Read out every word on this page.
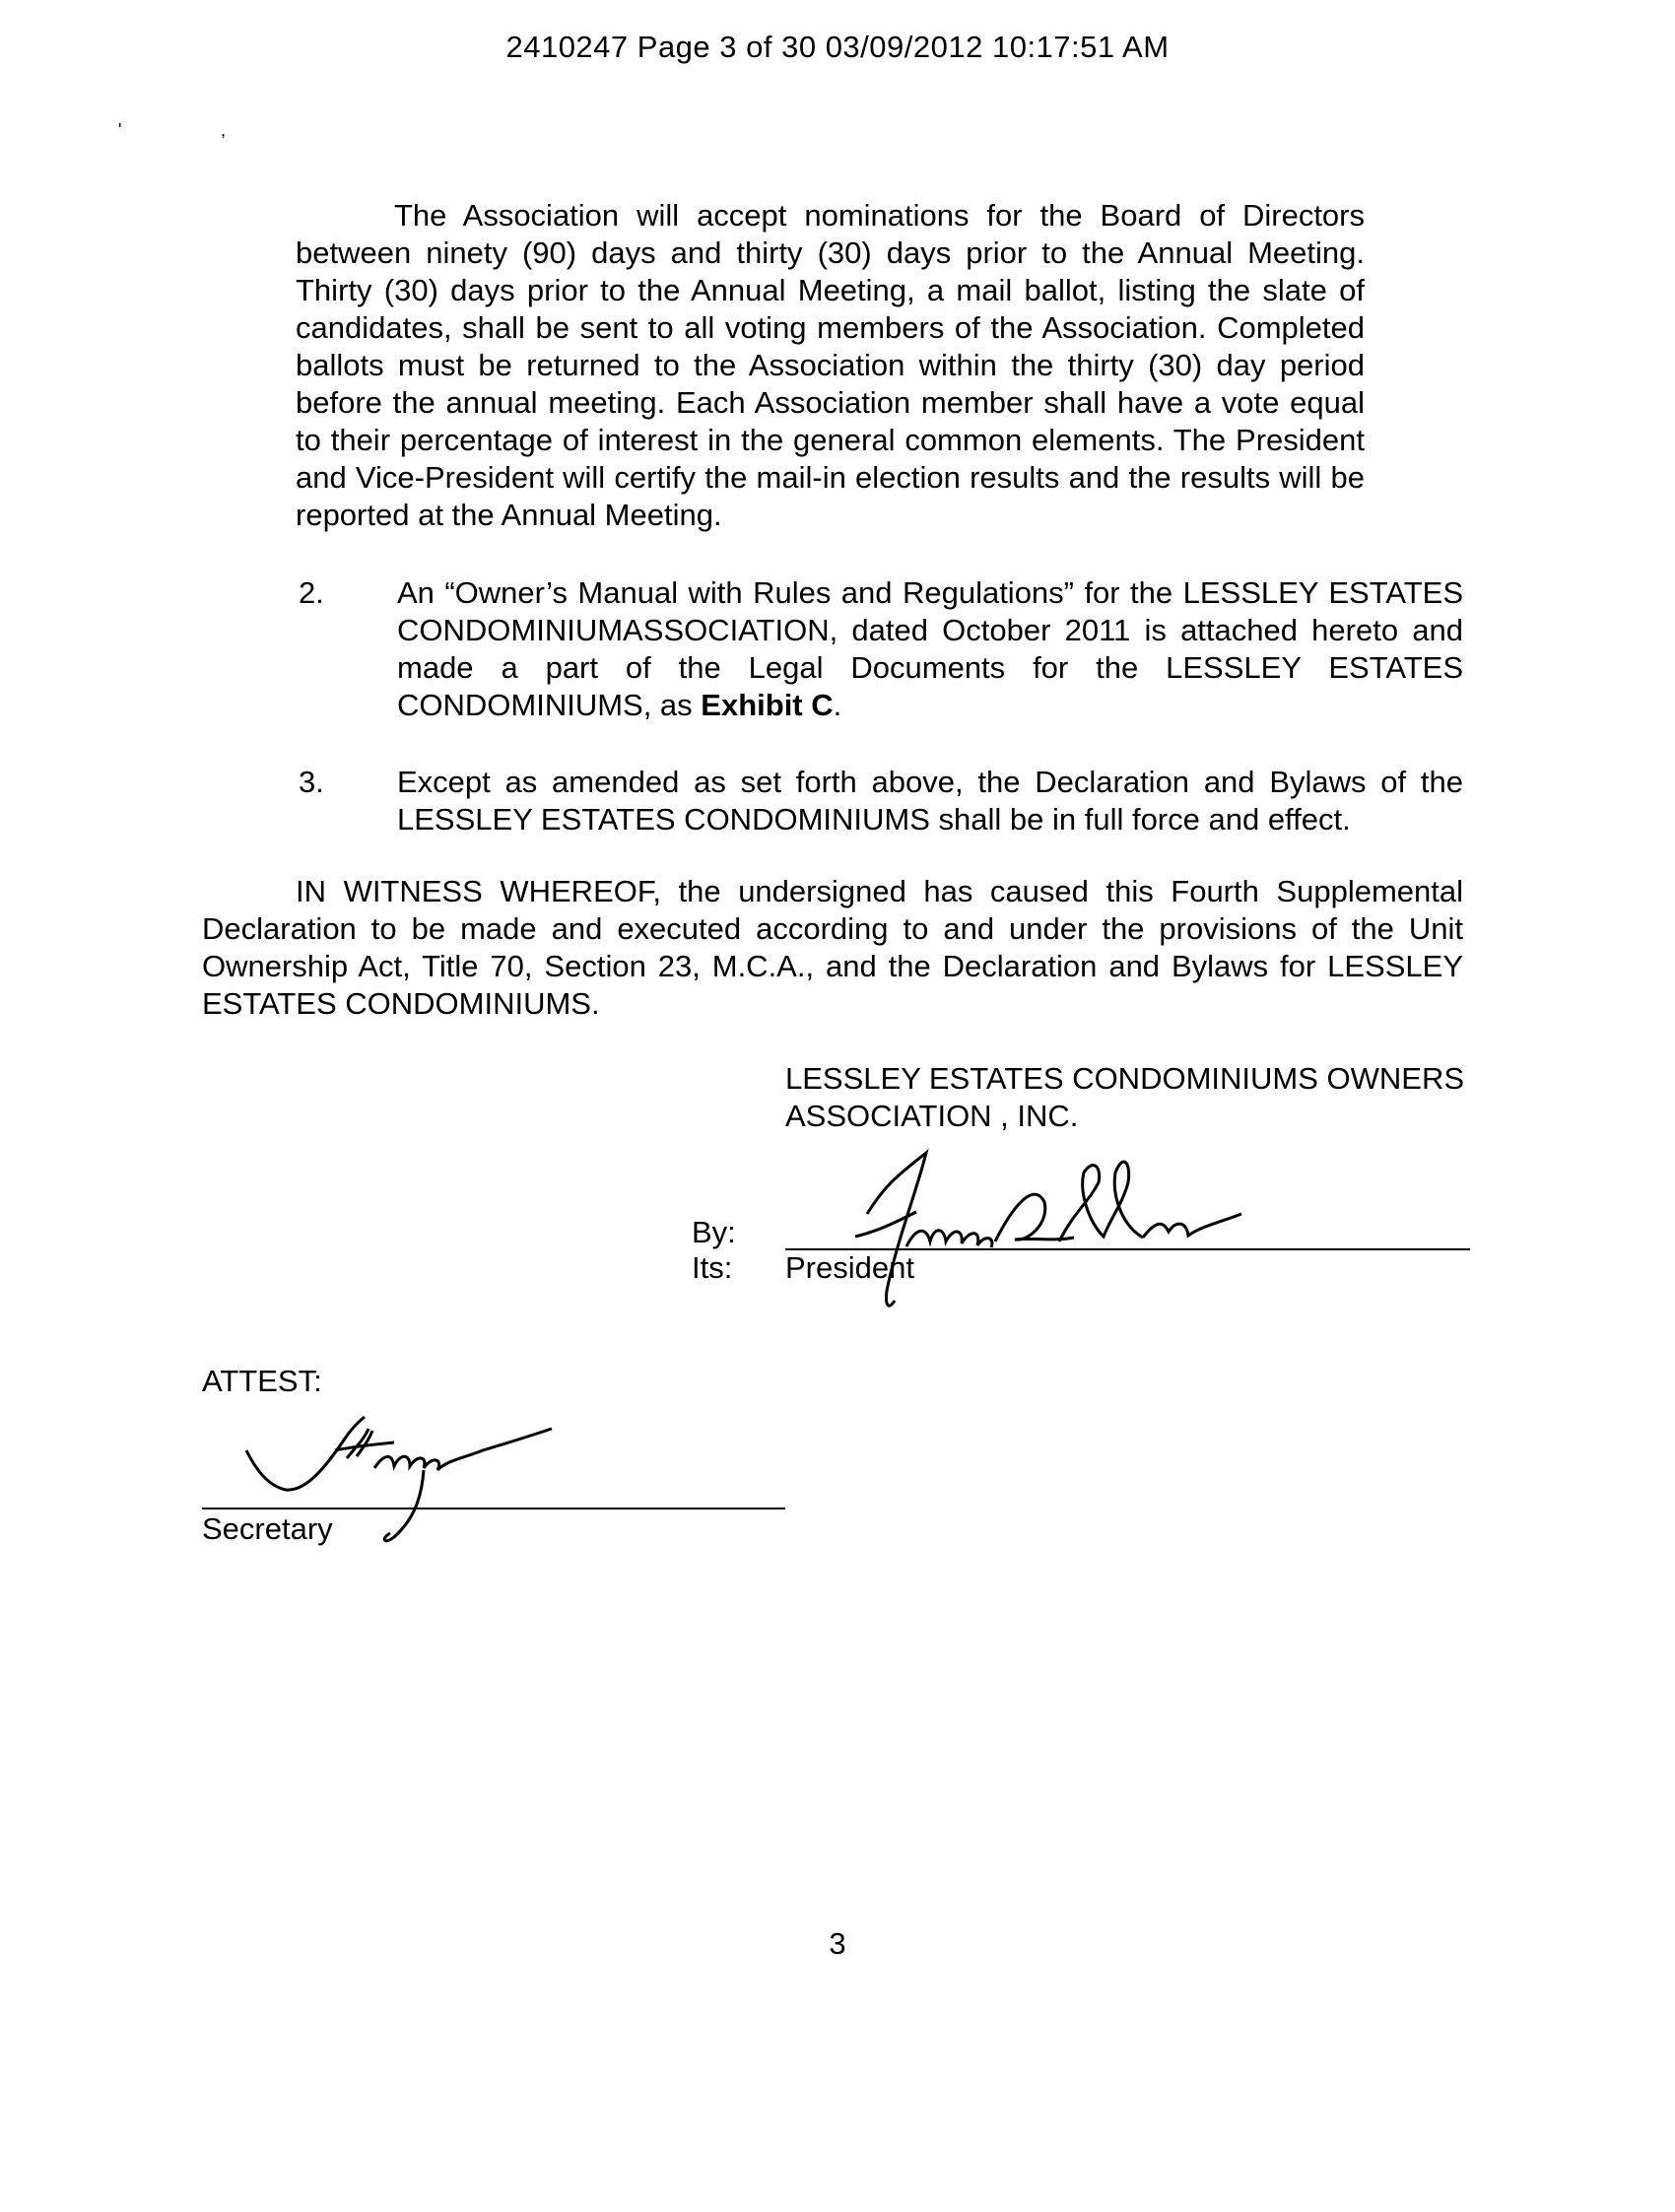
2410247 Page 3 of 30 03/09/2012 10:17:51 AM
'	,
The Association will accept nominations for the Board of Directors between ninety (90) days and thirty (30) days prior to the Annual Meeting. Thirty (30) days prior to the Annual Meeting, a mail ballot, listing the slate of candidates, shall be sent to all voting members of the Association. Completed ballots must be returned to the Association within the thirty (30) day period before the annual meeting. Each Association member shall have a vote equal to their percentage of interest in the general common elements. The President and Vice-President will certify the mail-in election results and the results will be reported at the Annual Meeting.
2. An “Owner’s Manual with Rules and Regulations” for the LESSLEY ESTATES CONDOMINIUMASSOCIATION, dated October 2011 is attached hereto and made a part of the Legal Documents for the LESSLEY ESTATES CONDOMINIUMS, as Exhibit C.
3. Except as amended as set forth above, the Declaration and Bylaws of the LESSLEY ESTATES CONDOMINIUMS shall be in full force and effect.
IN WITNESS WHEREOF, the undersigned has caused this Fourth Supplemental Declaration to be made and executed according to and under the provisions of the Unit Ownership Act, Title 70, Section 23, M.C.A., and the Declaration and Bylaws for LESSLEY ESTATES CONDOMINIUMS.
LESSLEY ESTATES CONDOMINIUMS OWNERS
ASSOCIATION , INC.
By:
Its: President
ATTEST:
Secretary
3
